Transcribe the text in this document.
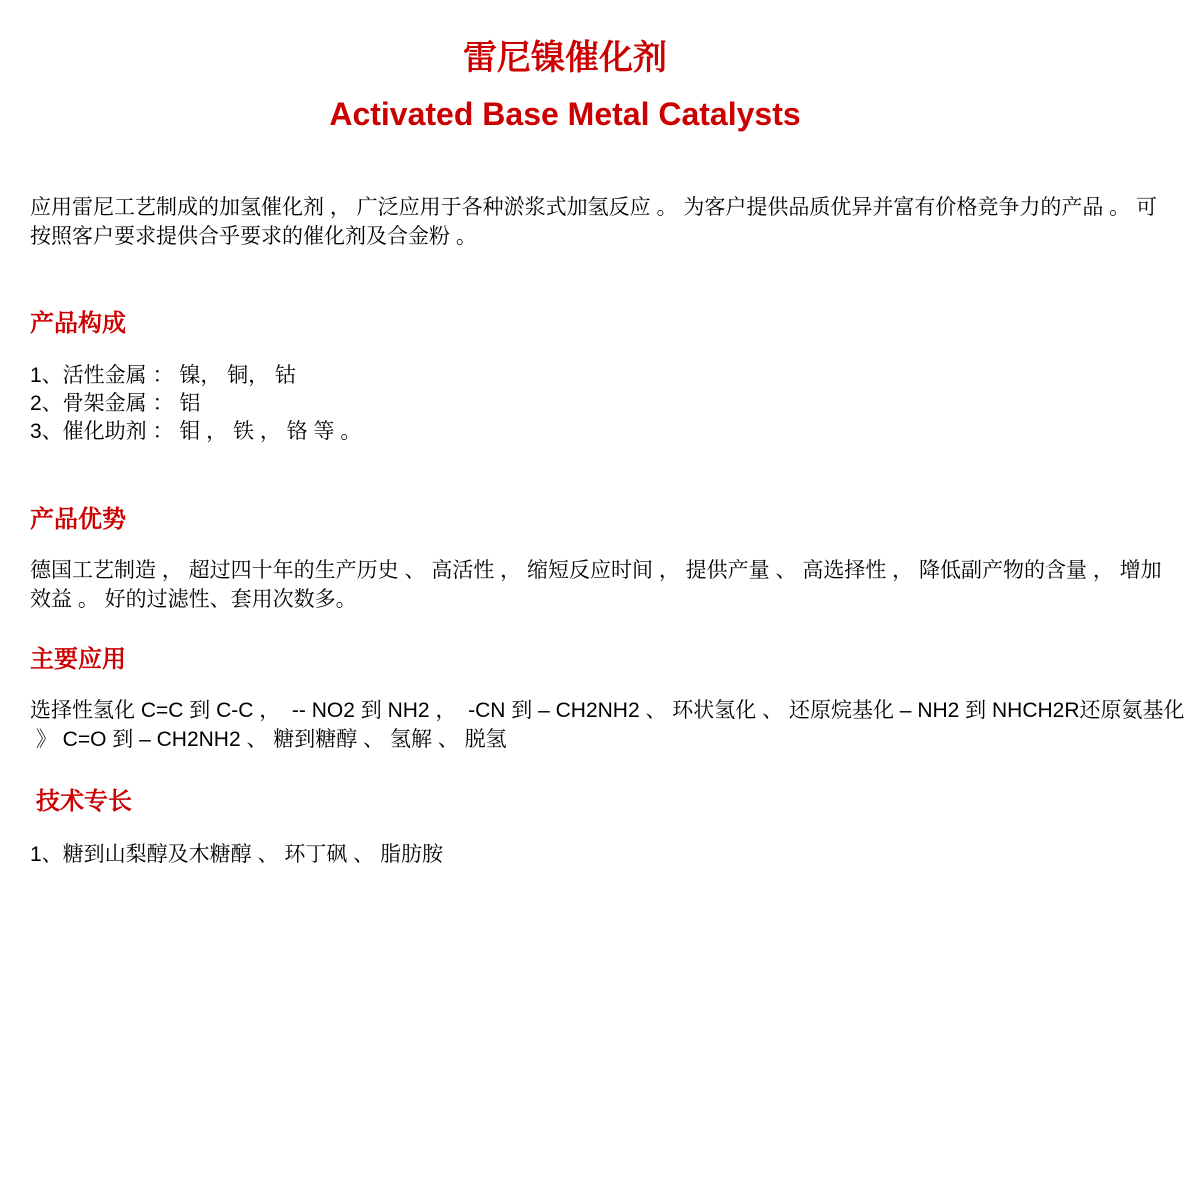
雷尼镍催化剂
Activated Base Metal Catalysts
应用雷尼工艺制成的加氢催化剂 ， 广泛应用于各种淤浆式加氢反应 。 为客户提供品质优异并富有价格竞争力的产品 。 可
按照客户要求提供合乎要求的催化剂及合金粉 。
产品构成
1、活性金属 ： 镍， 铜， 钴
2、骨架金属 ： 铝
3、催化助剂 ： 钼 ， 铁 ， 铬 等 。
产品优势
德国工艺制造 ， 超过四十年的生产历史 、 高活性 ， 缩短反应时间 ， 提供产量 、 高选择性 ， 降低副产物的含量 ， 增加
效益 。 好的过滤性、套用次数多。
主要应用
选择性氢化 C=C 到 C-C ，  -- NO2 到 NH2 ，  -CN 到 – CH2NH2 、 环状氢化 、 还原烷基化 – NH2 到 NHCH2R还原氨基化
》 C=O 到 – CH2NH2 、 糖到糖醇 、 氢解 、 脱氢
技术专长
1、糖到山梨醇及木糖醇 、 环丁砜 、 脂肪胺
